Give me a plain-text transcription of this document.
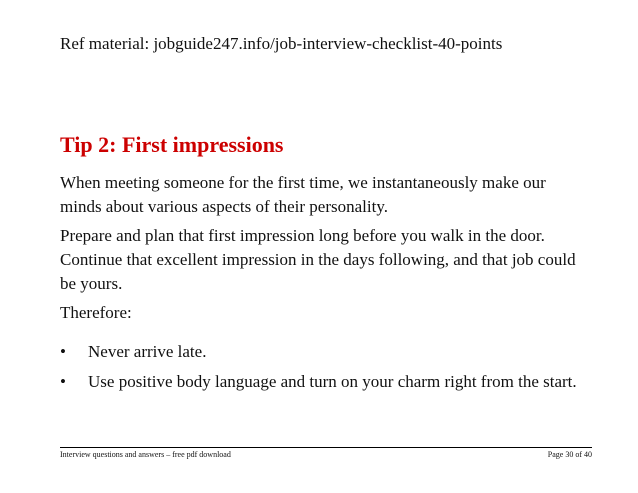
Ref material: jobguide247.info/job-interview-checklist-40-points
Tip 2: First impressions
When meeting someone for the first time, we instantaneously make our minds about various aspects of their personality.
Prepare and plan that first impression long before you walk in the door. Continue that excellent impression in the days following, and that job could be yours.
Therefore:
• Never arrive late.
• Use positive body language and turn on your charm right from the start.
Interview questions and answers – free pdf download	Page 30 of 40
